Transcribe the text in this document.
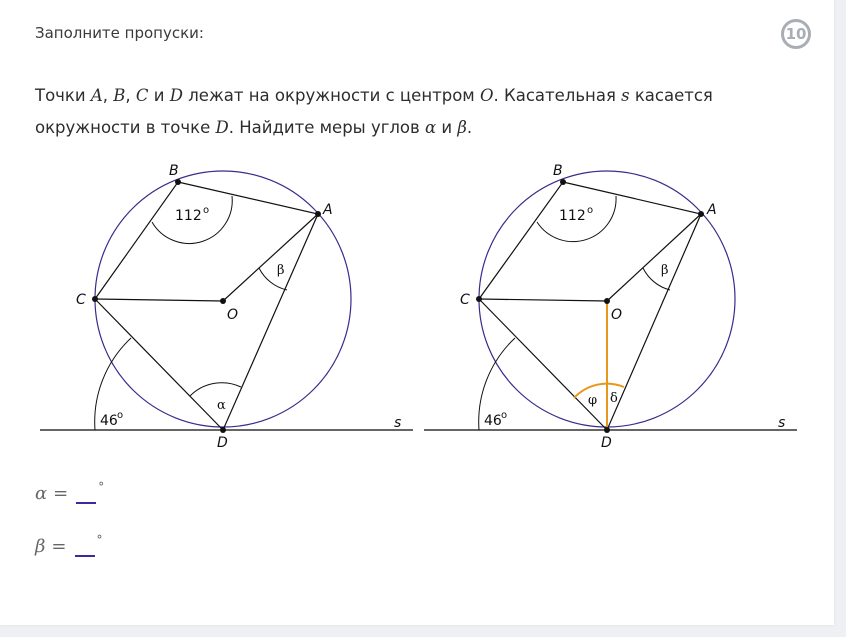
Заполните пропуски:	10
Точки A, B, C и D лежат на окружности с центром O. Касательная s касается окружности в точке D. Найдите меры углов α и β.
B
A
C
O
D
s
112 o
46 o
β
α
B
A
C
O
D
s
112 o
46 o
β
φ δ
α =	°
β =	°
